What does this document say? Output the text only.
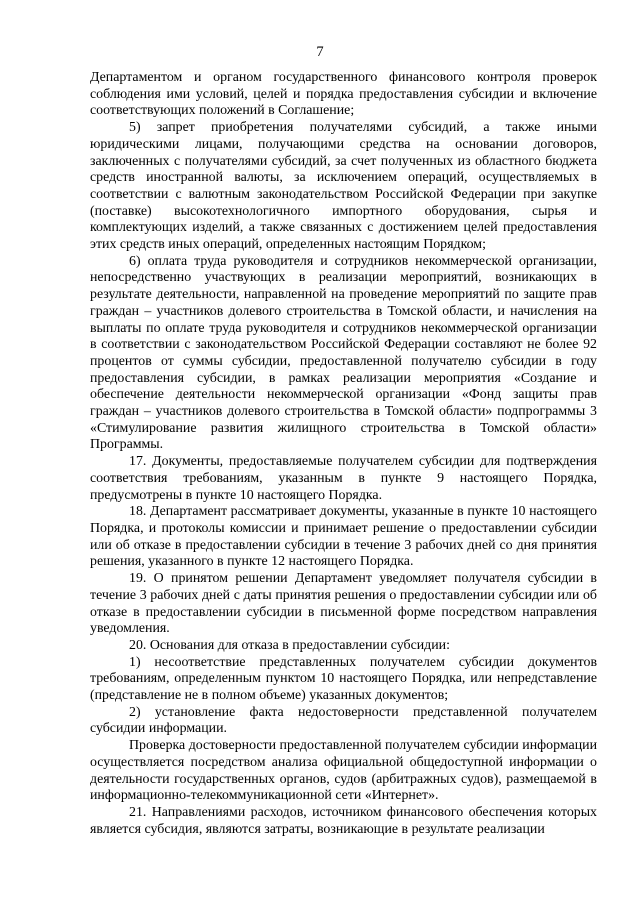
7

Департаментом и органом государственного финансового контроля проверок соблюдения ими условий, целей и порядка предоставления субсидии и включение соответствующих положений в Соглашение;

5) запрет приобретения получателями субсидий, а также иными юридическими лицами, получающими средства на основании договоров, заключенных с получателями субсидий, за счет полученных из областного бюджета средств иностранной валюты, за исключением операций, осуществляемых в соответствии с валютным законодательством Российской Федерации при закупке (поставке) высокотехнологичного импортного оборудования, сырья и комплектующих изделий, а также связанных с достижением целей предоставления этих средств иных операций, определенных настоящим Порядком;

6) оплата труда руководителя и сотрудников некоммерческой организации, непосредственно участвующих в реализации мероприятий, возникающих в результате деятельности, направленной на проведение мероприятий по защите прав граждан – участников долевого строительства в Томской области, и начисления на выплаты по оплате труда руководителя и сотрудников некоммерческой организации в соответствии с законодательством Российской Федерации составляют не более 92 процентов от суммы субсидии, предоставленной получателю субсидии в году предоставления субсидии, в рамках реализации мероприятия «Создание и обеспечение деятельности некоммерческой организации «Фонд защиты прав граждан – участников долевого строительства в Томской области» подпрограммы 3 «Стимулирование развития жилищного строительства в Томской области» Программы.

17. Документы, предоставляемые получателем субсидии для подтверждения соответствия требованиям, указанным в пункте 9 настоящего Порядка, предусмотрены в пункте 10 настоящего Порядка.

18. Департамент рассматривает документы, указанные в пункте 10 настоящего Порядка, и протоколы комиссии и принимает решение о предоставлении субсидии или об отказе в предоставлении субсидии в течение 3 рабочих дней со дня принятия решения, указанного в пункте 12 настоящего Порядка.

19. О принятом решении Департамент уведомляет получателя субсидии в течение 3 рабочих дней с даты принятия решения о предоставлении субсидии или об отказе в предоставлении субсидии в письменной форме посредством направления уведомления.

20. Основания для отказа в предоставлении субсидии:

1) несоответствие представленных получателем субсидии документов требованиям, определенным пунктом 10 настоящего Порядка, или непредставление (представление не в полном объеме) указанных документов;

2) установление факта недостоверности представленной получателем субсидии информации.

Проверка достоверности предоставленной получателем субсидии информации осуществляется посредством анализа официальной общедоступной информации о деятельности государственных органов, судов (арбитражных судов), размещаемой в информационно-телекоммуникационной сети «Интернет».

21. Направлениями расходов, источником финансового обеспечения которых является субсидия, являются затраты, возникающие в результате реализации
